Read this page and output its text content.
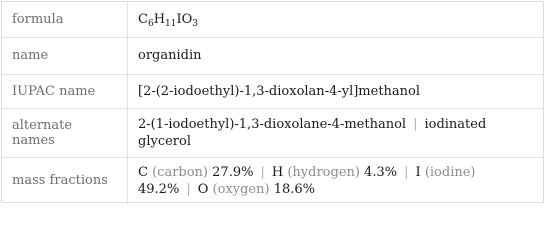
formula	$C_6H_{11}IO_3$
name	organidin
IUPAC name	[2-(2-iodoethyl)-1,3-dioxolan-4-yl]methanol
alternate names	2-(1-iodoethyl)-1,3-dioxolane-4-methanol | iodinated glycerol
mass fractions	C (carbon) 27.9% | H (hydrogen) 4.3% | I (iodine) 49.2% | O (oxygen) 18.6%
